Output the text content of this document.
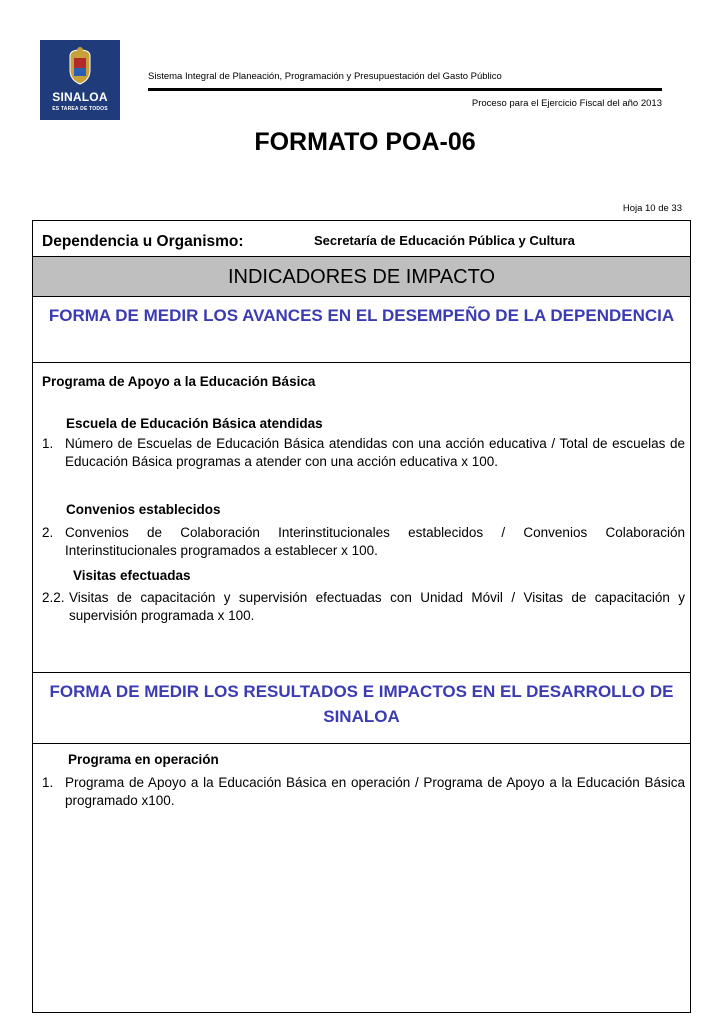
SINALOA
ES TAREA DE TODOS
Sistema Integral de Planeación, Programación y Presupuestación del Gasto Público
Proceso para el Ejercicio Fiscal del año 2013
FORMATO POA-06
Hoja 10 de 33
Dependencia u Organismo:	Secretaría de Educación Pública y Cultura
INDICADORES DE IMPACTO
FORMA DE MEDIR LOS AVANCES EN EL DESEMPEÑO DE LA DEPENDENCIA
Programa de Apoyo a la Educación Básica
Escuela de Educación Básica atendidas
1. Número de Escuelas de Educación Básica atendidas con una acción educativa / Total de escuelas de Educación Básica programas a atender con una acción educativa x 100.
Convenios establecidos
2. Convenios de Colaboración Interinstitucionales establecidos / Convenios Colaboración Interinstitucionales programados a establecer x 100.
Visitas efectuadas
2.2. Visitas de capacitación y supervisión efectuadas con Unidad Móvil / Visitas de capacitación y supervisión programada x 100.
FORMA DE MEDIR LOS RESULTADOS E IMPACTOS EN EL DESARROLLO DE SINALOA
Programa en operación
1. Programa de Apoyo a la Educación Básica en operación / Programa de Apoyo a la Educación Básica programado x100.
